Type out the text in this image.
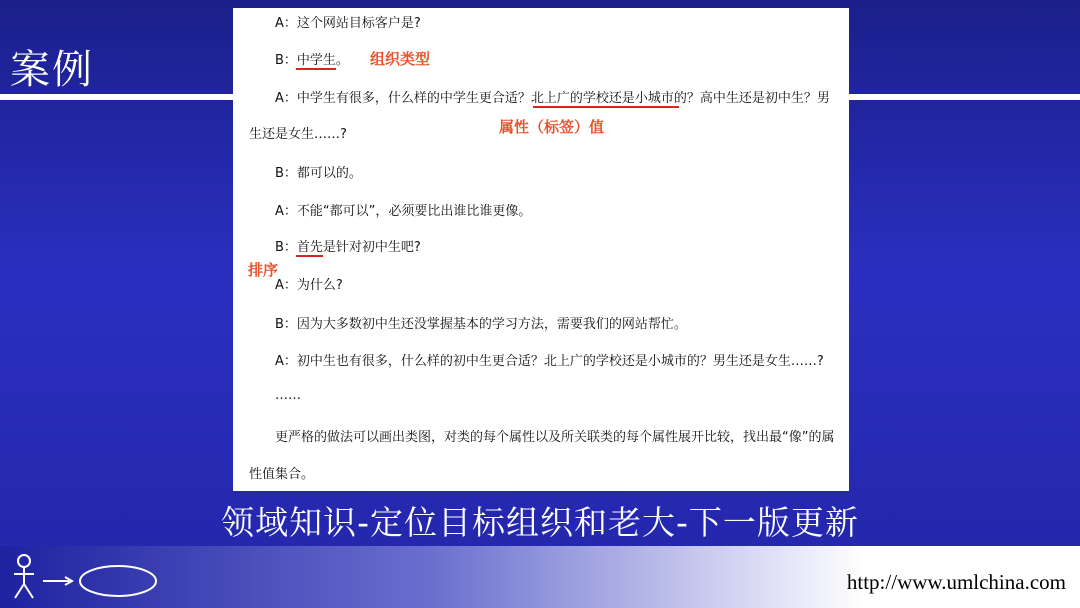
案例
A：这个网站目标客户是?
B：中学生。 组织类型
A：中学生有很多，什么样的中学生更合适？北上广的学校还是小城市的？高中生还是初中生？男
生还是女生……?	属性（标签）值
B：都可以的。
A：不能“都可以”，必须要比出谁比谁更像。
B：首先是针对初中生吧?
排序
A：为什么?
B：因为大多数初中生还没掌握基本的学习方法，需要我们的网站帮忙。
A：初中生也有很多，什么样的初中生更合适？北上广的学校还是小城市的？男生还是女生……?
……
更严格的做法可以画出类图，对类的每个属性以及所关联类的每个属性展开比较，找出最“像”的属
性值集合。
领域知识-定位目标组织和老大-下一版更新
http://www.umlchina.com
